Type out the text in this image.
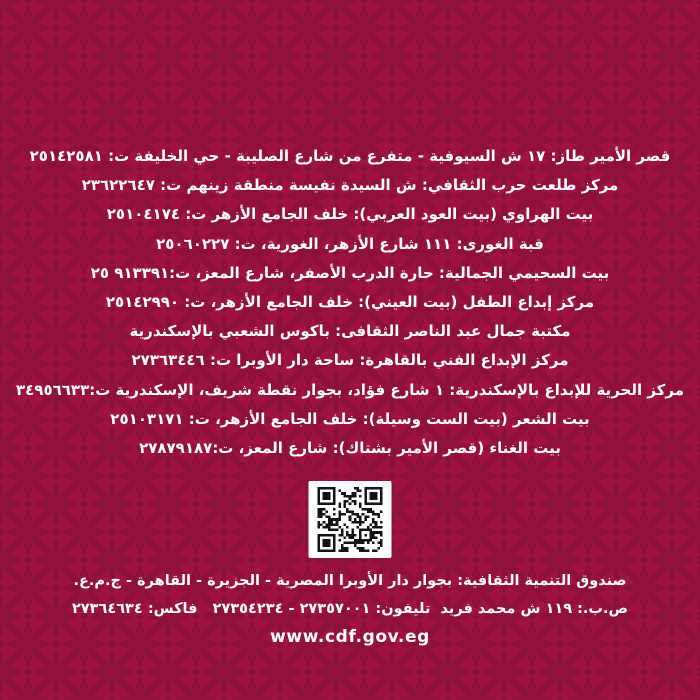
قصر الأمير طاز: ١٧ ش السيوفية - متفرع من شارع الصليبة - حي الخليفة ت: ٢٥١٤٢٥٨١
مركز طلعت حرب الثقافي: ش السيدة نفيسة منطقة زينهم ت: ٢٣٦٢٢٦٤٧
بيت الهراوي (بيت العود العربي): خلف الجامع الأزهر ت: ٢٥١٠٤١٧٤
قبة الغورى: ١١١ شارع الأزهر، الغورية، ت: ٢٥٠٦٠٢٢٧
بيت السحيمي الجمالية: حارة الدرب الأصفر، شارع المعز، ت:٩١٣٣٩١ ٢٥
مركز إبداع الطفل (بيت العيني): خلف الجامع الأزهر، ت: ٢٥١٤٢٩٩٠
مكتبة جمال عبد الناصر الثقافى: باكوس الشعبي بالإسكندرية
مركز الإبداع الفني بالقاهرة: ساحة دار الأوبرا ت: ٢٧٣٦٣٤٤٦
مركز الحرية للإبداع بالإسكندرية: ١ شارع فؤاد، بجوار نقطة شريف، الإسكندرية ت:٣٤٩٥٦٦٣٣
بيت الشعر (بيت الست وسيلة): خلف الجامع الأزهر، ت: ٢٥١٠٣١٧١
بيت الغناء (قصر الأمير بشتاك): شارع المعز، ت:٢٧٨٧٩١٨٧
صندوق التنمية الثقافية: بجوار دار الأوبرا المصرية - الجزيرة - القاهرة - ج.م.ع.
ص.ب.: ١١٩ ش محمد فريد  تليفون: ٢٧٣٥٧٠٠١ - ٢٧٣٥٤٢٣٤   فاكس: ٢٧٣٦٤٦٣٤
www.cdf.gov.eg
